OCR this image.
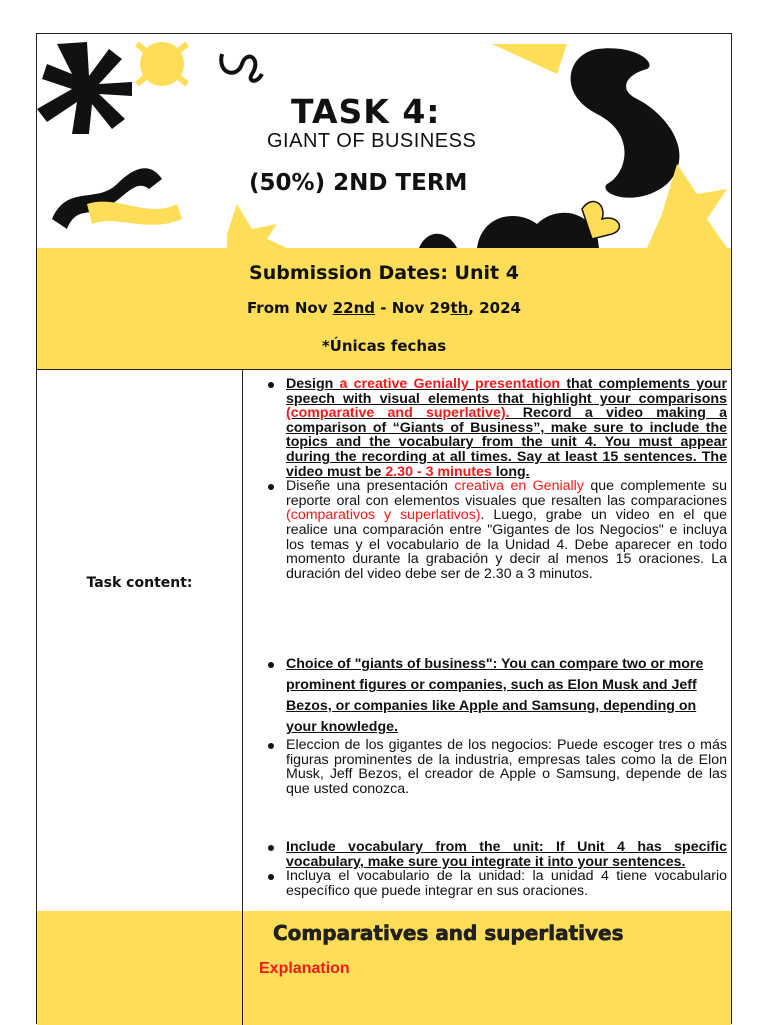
TASK 4:
GIANT OF BUSINESS
(50%) 2ND TERM
Submission Dates: Unit 4
From Nov 22nd - Nov 29th, 2024
*Únicas fechas
Task content:
Design a creative Genially presentation that complements your speech with visual elements that highlight your comparisons (comparative and superlative). Record a video making a comparison of “Giants of Business”, make sure to include the topics and the vocabulary from the unit 4. You must appear during the recording at all times. Say at least 15 sentences. The video must be 2.30 - 3 minutes long.
Diseñe una presentación creativa en Genially que complemente su reporte oral con elementos visuales que resalten las comparaciones (comparativos y superlativos). Luego, grabe un video en el que realice una comparación entre "Gigantes de los Negocios" e incluya los temas y el vocabulario de la Unidad 4. Debe aparecer en todo momento durante la grabación y decir al menos 15 oraciones. La duración del video debe ser de 2.30 a 3 minutos.
Choice of "giants of business": You can compare two or more prominent figures or companies, such as Elon Musk and Jeff Bezos, or companies like Apple and Samsung, depending on your knowledge.
Eleccion de los gigantes de los negocios: Puede escoger tres o más figuras prominentes de la industria, empresas tales como la de Elon Musk, Jeff Bezos, el creador de Apple o Samsung, depende de las que usted conozca.
Include vocabulary from the unit: If Unit 4 has specific vocabulary, make sure you integrate it into your sentences.
Incluya el vocabulario de la unidad: la unidad 4 tiene vocabulario específico que puede integrar en sus oraciones.
Comparatives and superlatives
Explanation
